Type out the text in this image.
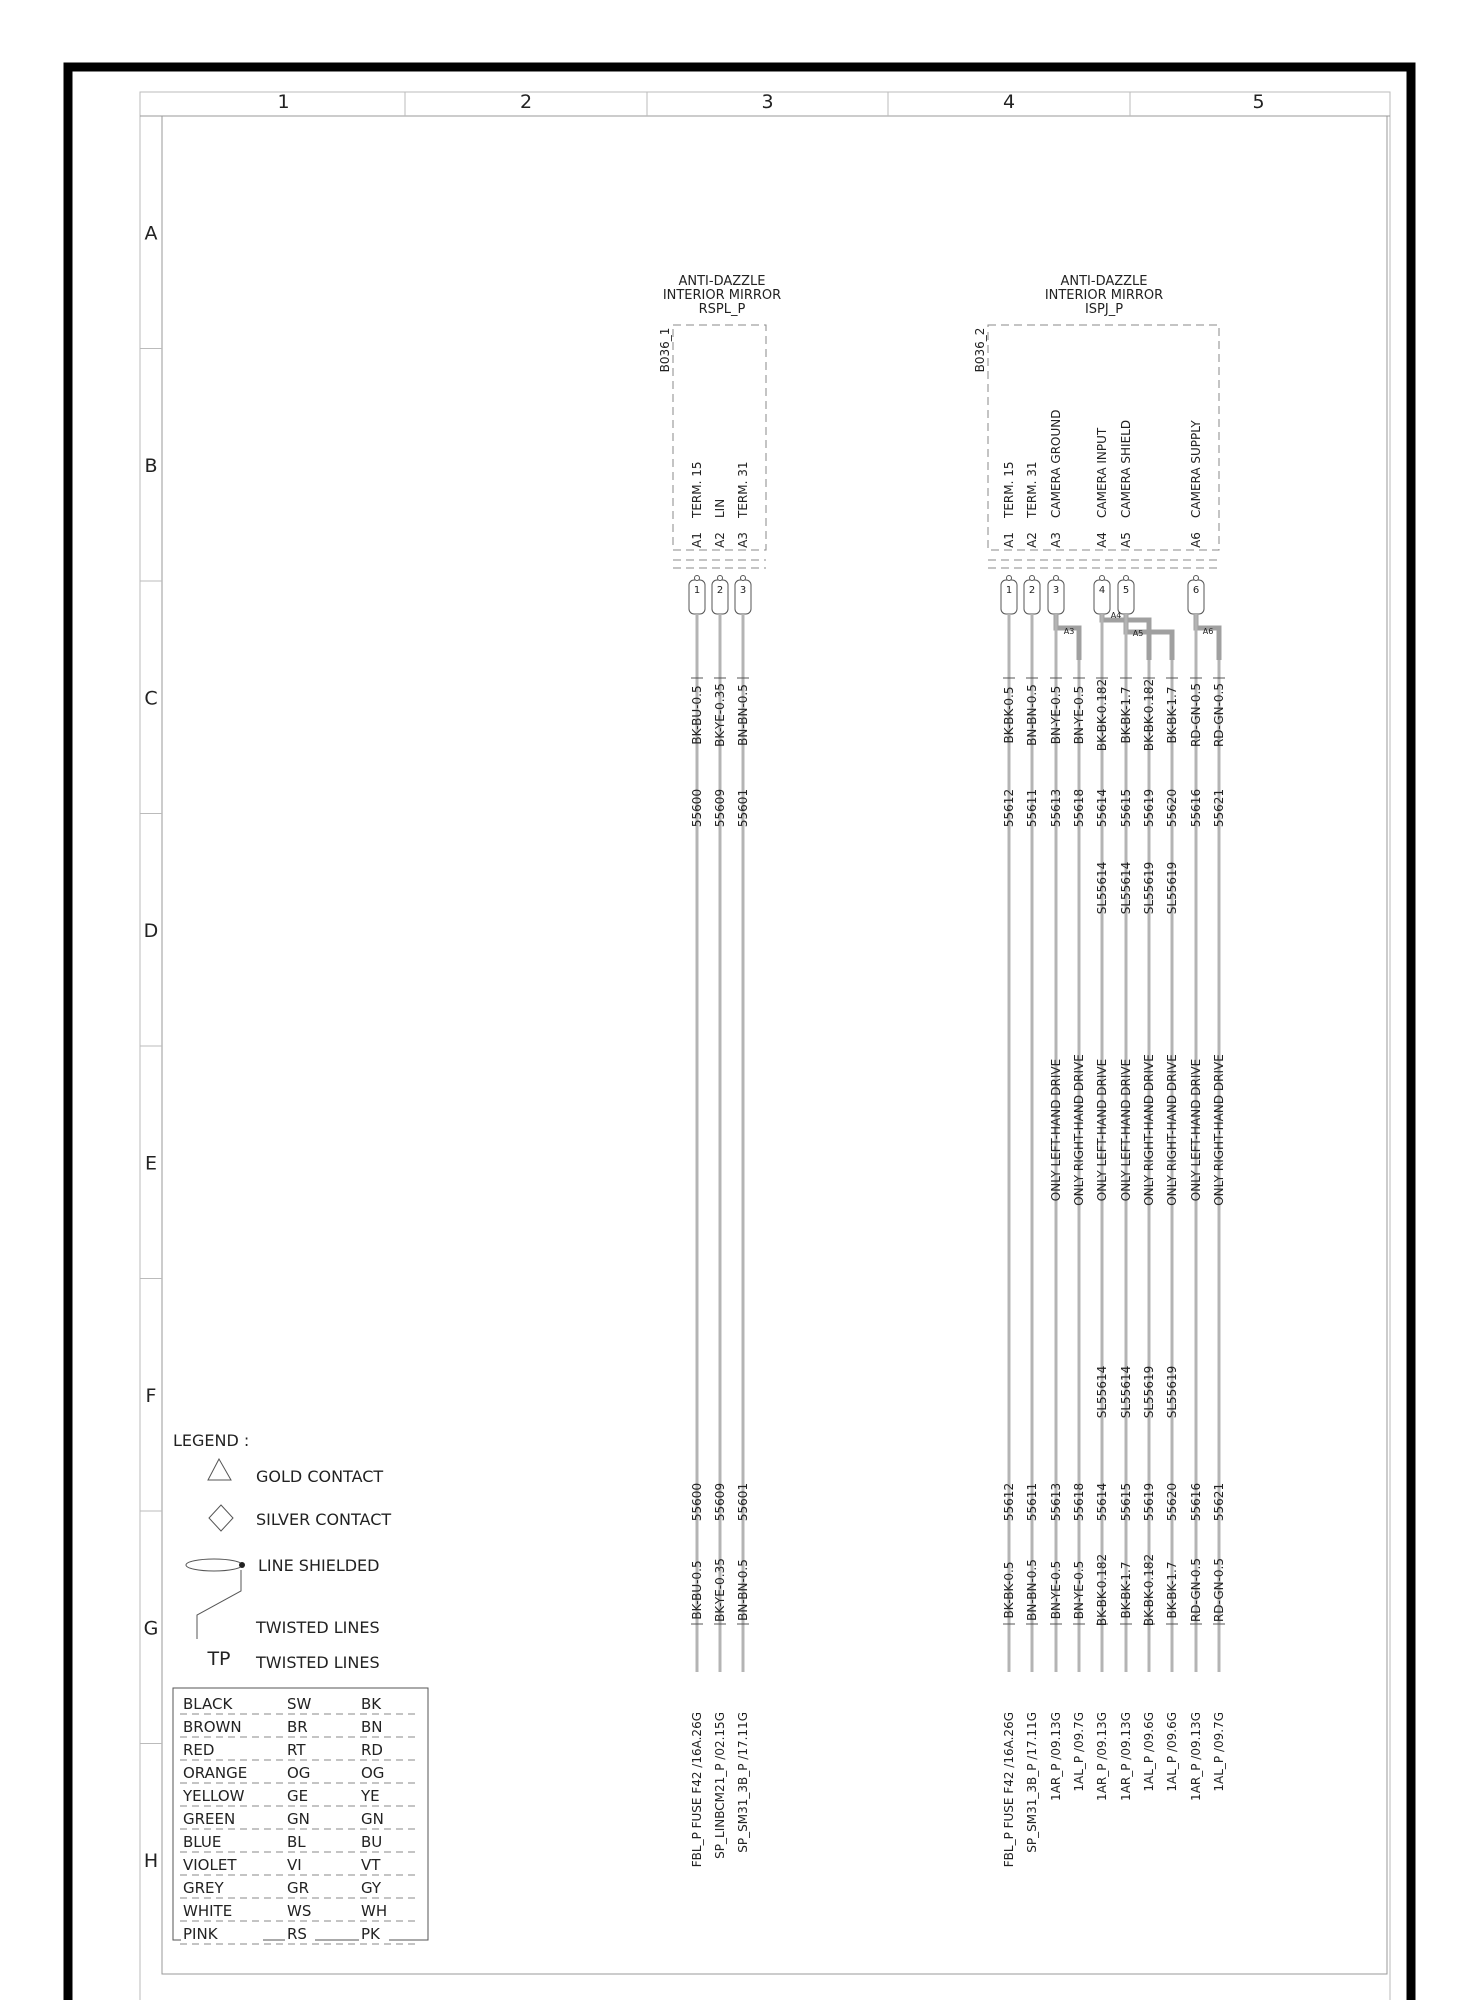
1	2	3	4	5
A
B
C
D
E
F
G
H
ANTI-DAZZLE
INTERIOR MIRROR
RSPL_P
B036_1
A1
TERM. 15
1
BK-BU-0.5
55600
55600
BK-BU-0.5
FBL_P FUSE F42 /16A.26G
A2
LIN
2
BK-YE-0.35
55609
55609
BK-YE-0.35
SP_LINBCM21_P /02.15G
A3
TERM. 31
3
BN-BN-0.5
55601
55601
BN-BN-0.5
SP_SM31_3B_P /17.11G
ANTI-DAZZLE
INTERIOR MIRROR
ISPJ_P
B036_2
A1
TERM. 15
1
A2
TERM. 31
2
A3
CAMERA GROUND
3
A4
CAMERA INPUT
4
A5
CAMERA SHIELD
5
A6
CAMERA SUPPLY
6
A3
A4
A5	A6
BK-BK-0.5
55612
55612
BK-BK-0.5
FBL_P FUSE F42 /16A.26G
BN-BN-0.5
55611
55611
BN-BN-0.5
SP_SM31_3B_P /17.11G
BN-YE-0.5
55613
ONLY LEFT-HAND DRIVE
55613
BN-YE-0.5
1AR_P /09.13G
BN-YE-0.5
55618
ONLY RIGHT-HAND DRIVE
55618
BN-YE-0.5
1AL_P /09.7G
BK-BK-0.182
55614
SL55614
ONLY LEFT-HAND DRIVE
SL55614
55614
BK-BK-0.182
1AR_P /09.13G
BK-BK-1.7
55615
SL55614
ONLY LEFT-HAND DRIVE
SL55614
55615
BK-BK-1.7
1AR_P /09.13G
BK-BK-0.182
55619
SL55619
ONLY RIGHT-HAND DRIVE
SL55619
55619
BK-BK-0.182
1AL_P /09.6G
BK-BK-1.7
55620
SL55619
ONLY RIGHT-HAND DRIVE
SL55619
55620
BK-BK-1.7
1AL_P /09.6G
RD-GN-0.5
55616
ONLY LEFT-HAND DRIVE
55616
RD-GN-0.5
1AR_P /09.13G
RD-GN-0.5
55621
ONLY RIGHT-HAND DRIVE
55621
RD-GN-0.5
1AL_P /09.7G
LEGEND :
GOLD CONTACT
SILVER CONTACT
LINE SHIELDED
TWISTED LINES
TP TWISTED LINES
BLACK	SW	BK
BROWN	BR	BN
RED	RT	RD
ORANGE	OG	OG
YELLOW	GE	YE
GREEN	GN	GN
BLUE	BL	BU
VIOLET	VI	VT
GREY	GR	GY
WHITE	WS	WH
PINK	RS	PK
